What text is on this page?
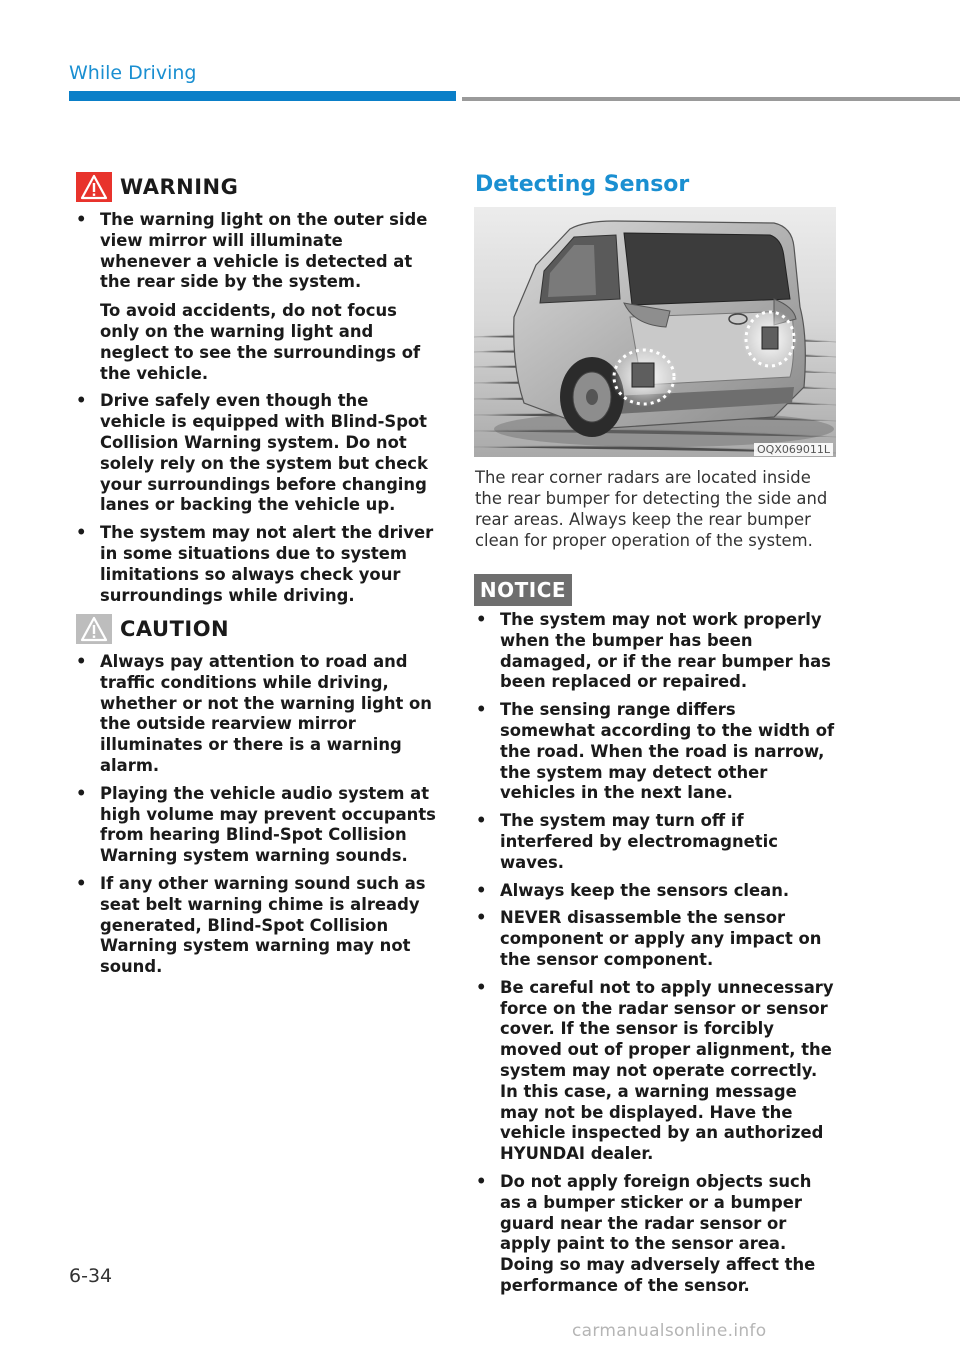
While Driving
WARNING
• The warning light on the outer side view mirror will illuminate whenever a vehicle is detected at the rear side by the system.

To avoid accidents, do not focus only on the warning light and neglect to see the surroundings of the vehicle.

• Drive safely even though the vehicle is equipped with Blind-Spot Collision Warning system. Do not solely rely on the system but check your surroundings before changing lanes or backing the vehicle up.

• The system may not alert the driver in some situations due to system limitations so always check your surroundings while driving.

CAUTION
• Always pay attention to road and traffic conditions while driving, whether or not the warning light on the outside rearview mirror illuminates or there is a warning alarm.

• Playing the vehicle audio system at high volume may prevent occupants from hearing Blind-Spot Collision Warning system warning sounds.

• If any other warning sound such as seat belt warning chime is already generated, Blind-Spot Collision Warning system warning may not sound.

Detecting Sensor
OQX069011L

The rear corner radars are located inside the rear bumper for detecting the side and rear areas. Always keep the rear bumper clean for proper operation of the system.

NOTICE
• The system may not work properly when the bumper has been damaged, or if the rear bumper has been replaced or repaired.

• The sensing range differs somewhat according to the width of the road. When the road is narrow, the system may detect other vehicles in the next lane.

• The system may turn off if interfered by electromagnetic waves.

• Always keep the sensors clean.

• NEVER disassemble the sensor component or apply any impact on the sensor component.

• Be careful not to apply unnecessary force on the radar sensor or sensor cover. If the sensor is forcibly moved out of proper alignment, the system may not operate correctly. In this case, a warning message may not be displayed. Have the vehicle inspected by an authorized HYUNDAI dealer.

• Do not apply foreign objects such as a bumper sticker or a bumper guard near the radar sensor or apply paint to the sensor area. Doing so may adversely affect the performance of the sensor.

6-34
carmanualsonline.info
